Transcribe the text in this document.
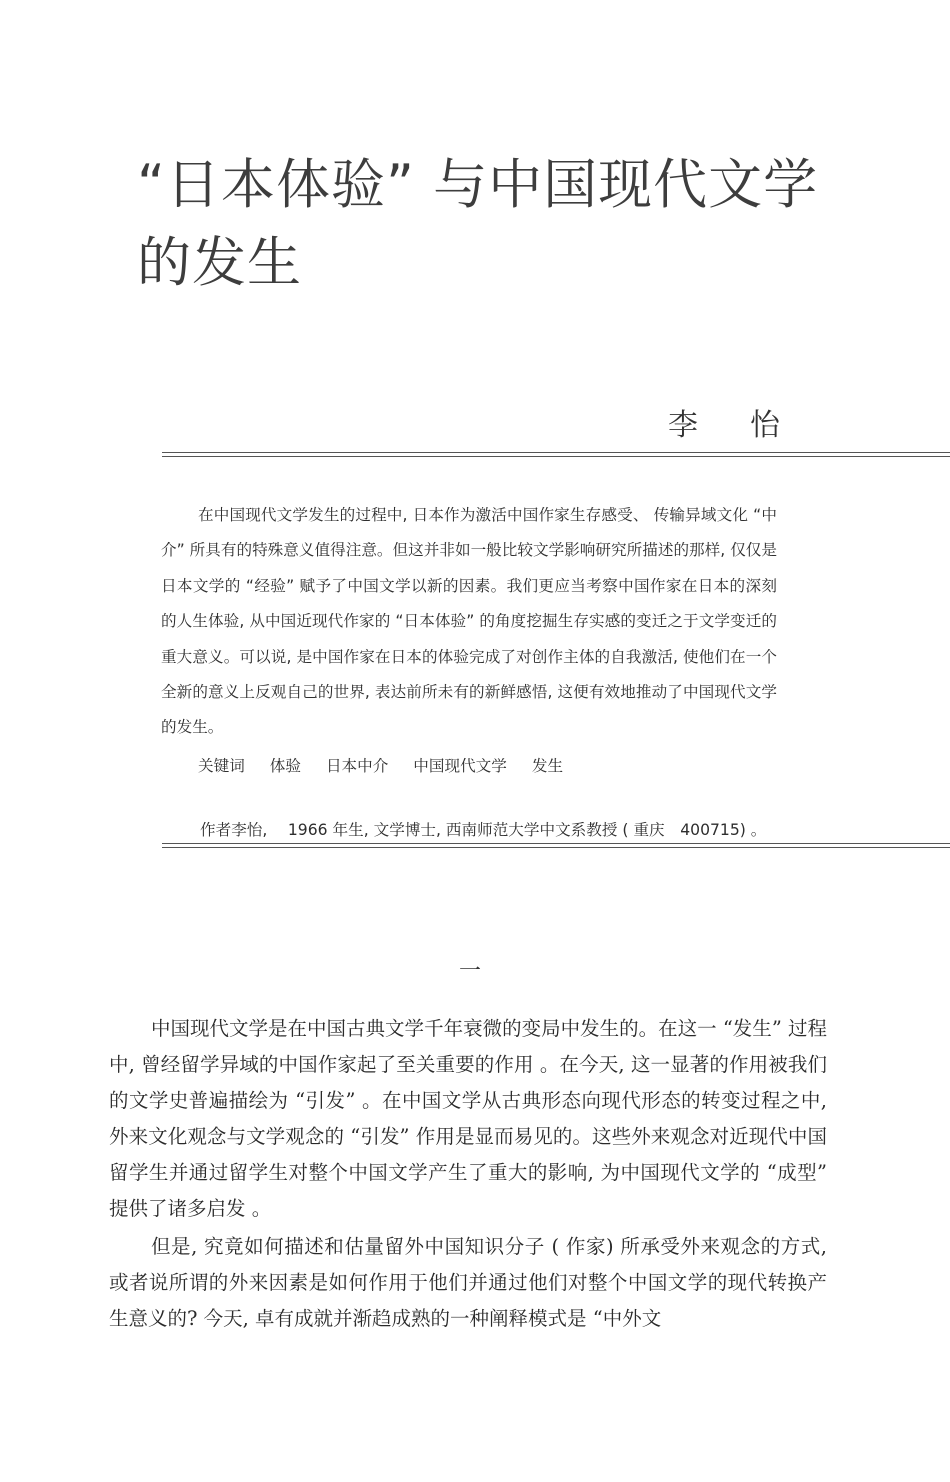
“日本体验” 与中国现代文学的发生
李怡

在中国现代文学发生的过程中, 日本作为激活中国作家生存感受、 传输异域文化 “中介” 所具有的特殊意义值得注意。但这并非如一般比较文学影响研究所描述的那样, 仅仅是日本文学的 “经验” 赋予了中国文学以新的因素。我们更应当考察中国作家在日本的深刻的人生体验, 从中国近现代作家的 “日本体验” 的角度挖掘生存实感的变迁之于文学变迁的重大意义。可以说, 是中国作家在日本的体验完成了对创作主体的自我激活, 使他们在一个全新的意义上反观自己的世界, 表达前所未有的新鲜感悟, 这便有效地推动了中国现代文学的发生。

关键词 体验 日本中介 中国现代文学 发生
作者李怡,　 1966 年生, 文学博士, 西南师范大学中文系教授 ( 重庆　400715) 。
一

中国现代文学是在中国古典文学千年衰微的变局中发生的。在这一 “发生” 过程中, 曾经留学异域的中国作家起了至关重要的作用 。在今天, 这一显著的作用被我们的文学史普遍描绘为 “引发” 。在中国文学从古典形态向现代形态的转变过程之中, 外来文化观念与文学观念的 “引发” 作用是显而易见的。这些外来观念对近现代中国留学生并通过留学生对整个中国文学产生了重大的影响, 为中国现代文学的 “成型” 提供了诸多启发 。

但是, 究竟如何描述和估量留外中国知识分子 ( 作家) 所承受外来观念的方式, 或者说所谓的外来因素是如何作用于他们并通过他们对整个中国文学的现代转换产生意义的? 今天, 卓有成就并渐趋成熟的一种阐释模式是 “中外文
